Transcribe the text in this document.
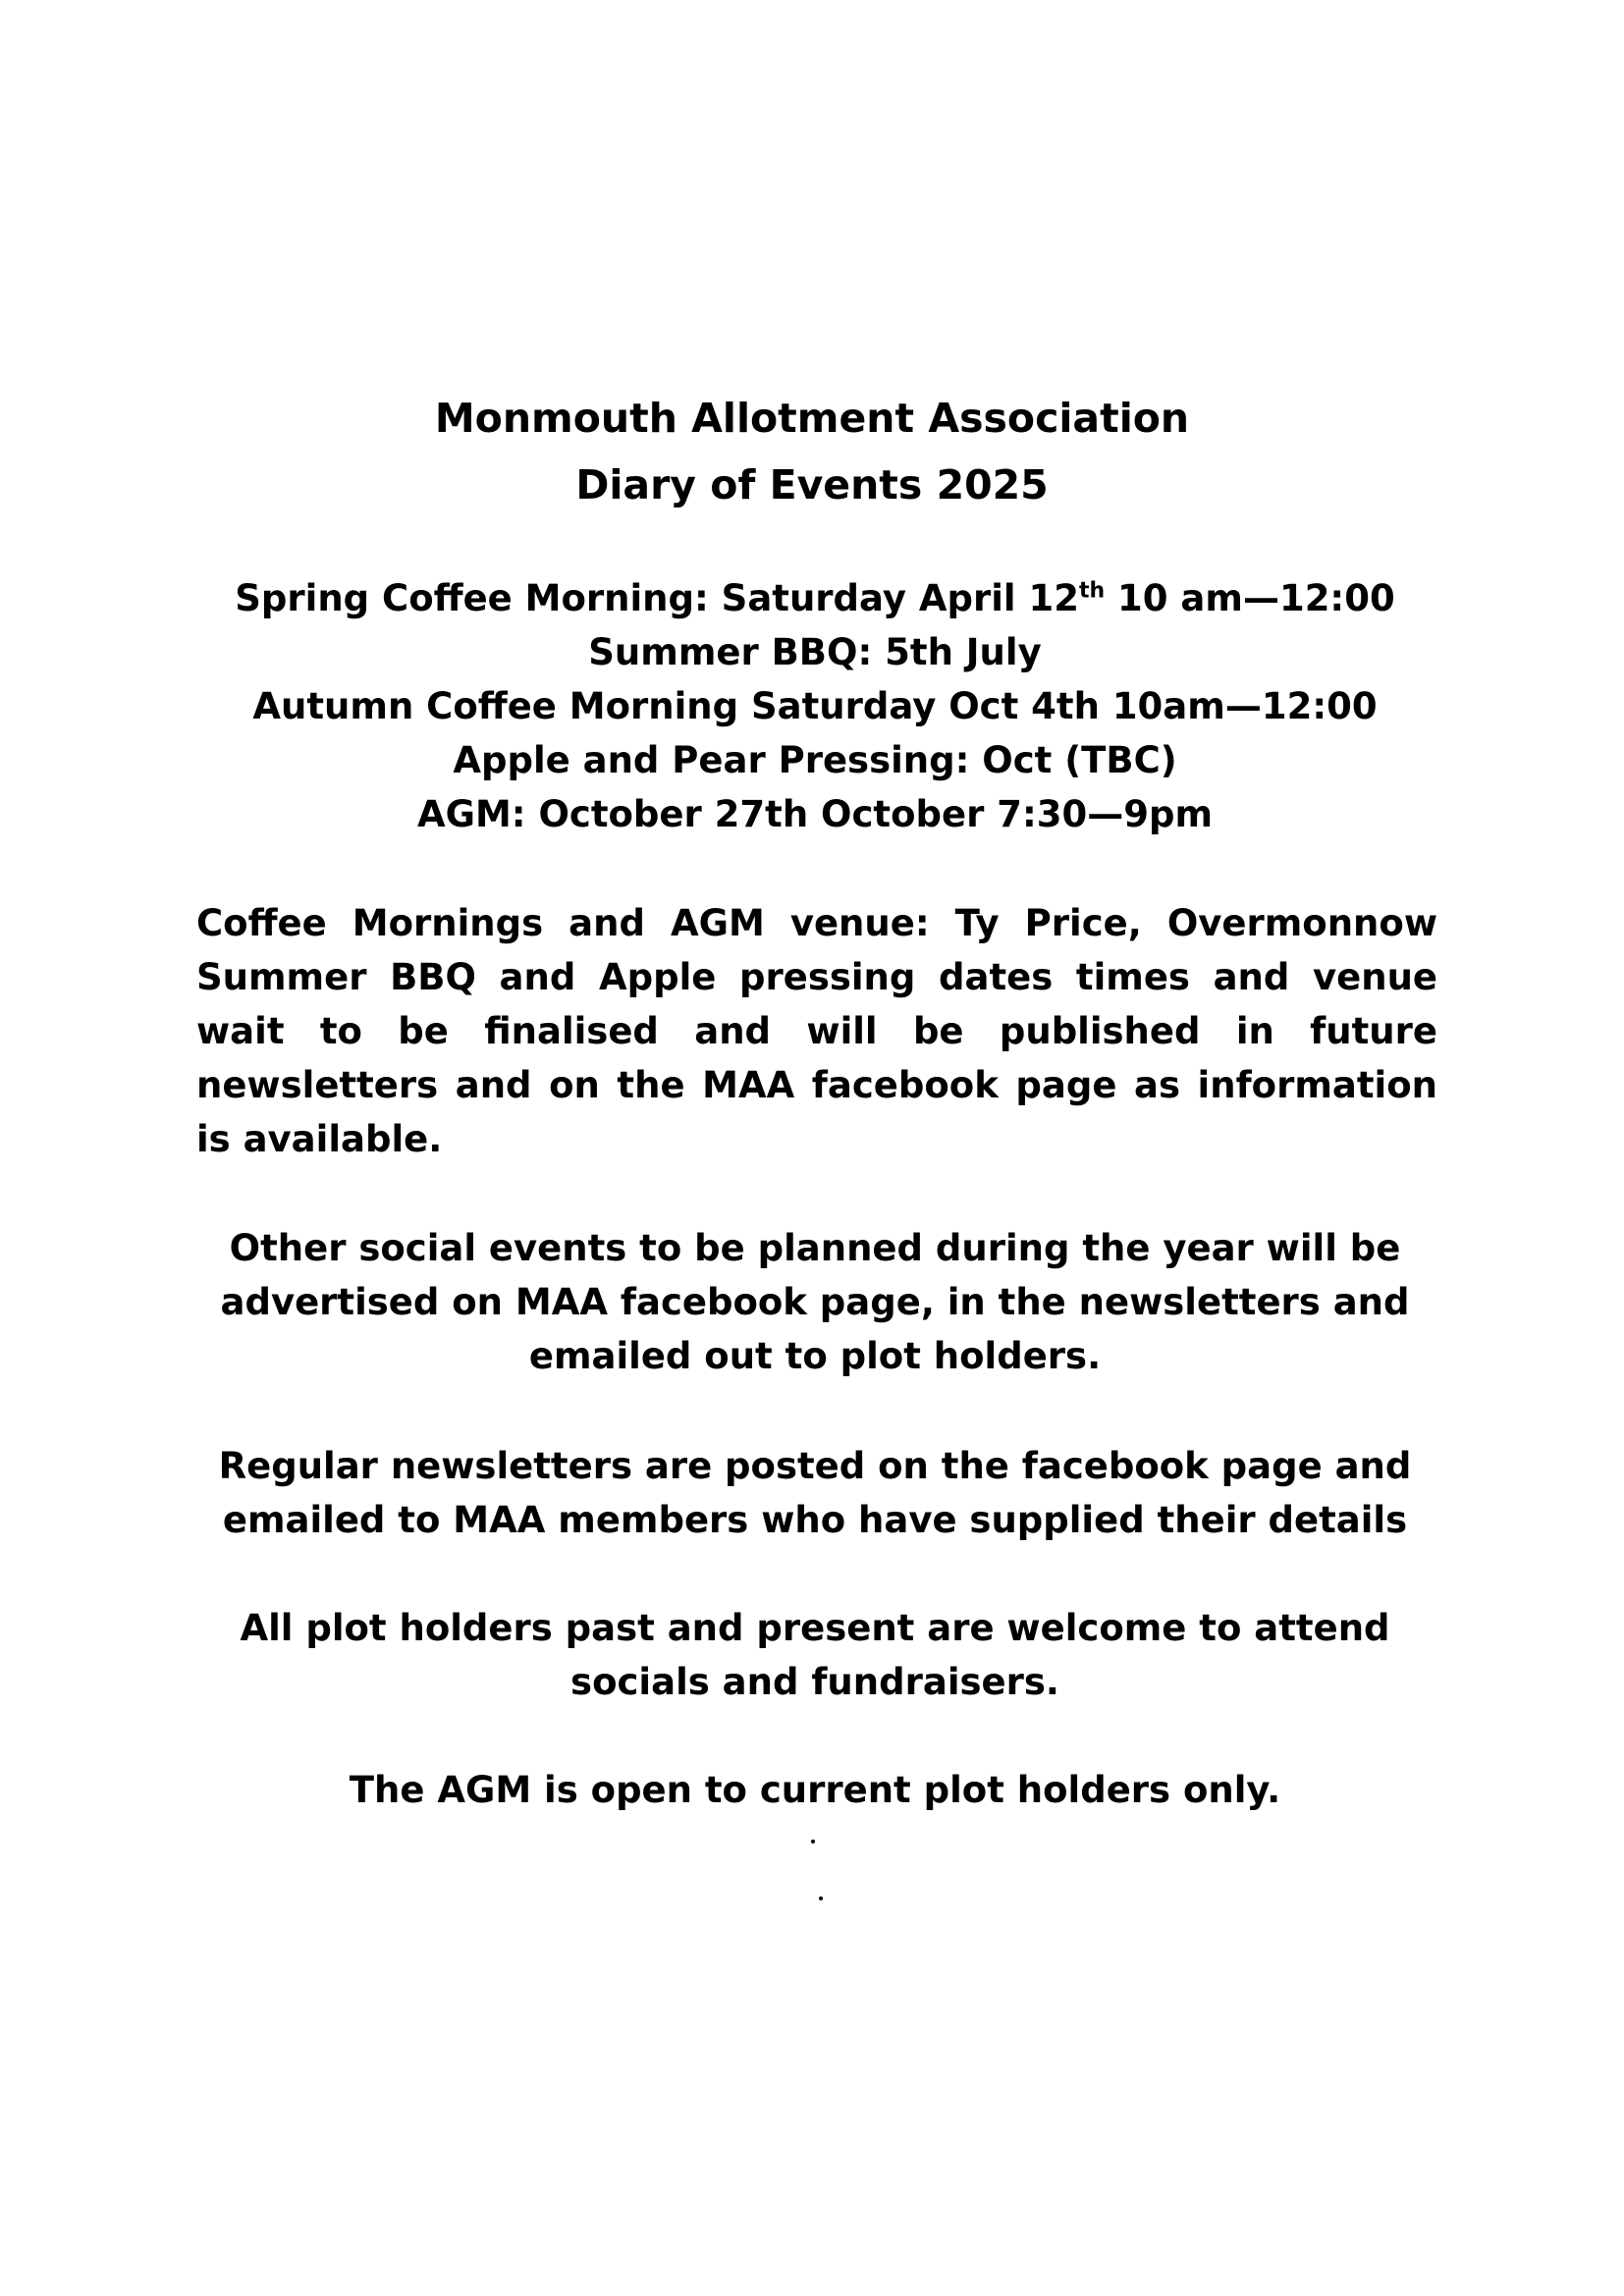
Monmouth Allotment Association
Diary of Events 2025
Spring Coffee Morning: Saturday April 12th 10 am—12:00
Summer BBQ: 5th July
Autumn Coffee Morning Saturday Oct 4th 10am—12:00
Apple and Pear Pressing: Oct (TBC)
AGM: October 27th October 7:30—9pm
Coffee Mornings and AGM venue: Ty Price, Overmonnow Summer BBQ and Apple pressing dates times and venue wait to be finalised and will be published in future newsletters and on the MAA facebook page as information is available.
Other social events to be planned during the year will be
advertised on MAA facebook page, in the newsletters and
emailed out to plot holders.
Regular newsletters are posted on the facebook page and
emailed to MAA members who have supplied their details
All plot holders past and present are welcome to attend
socials and fundraisers.
The AGM is open to current plot holders only.
